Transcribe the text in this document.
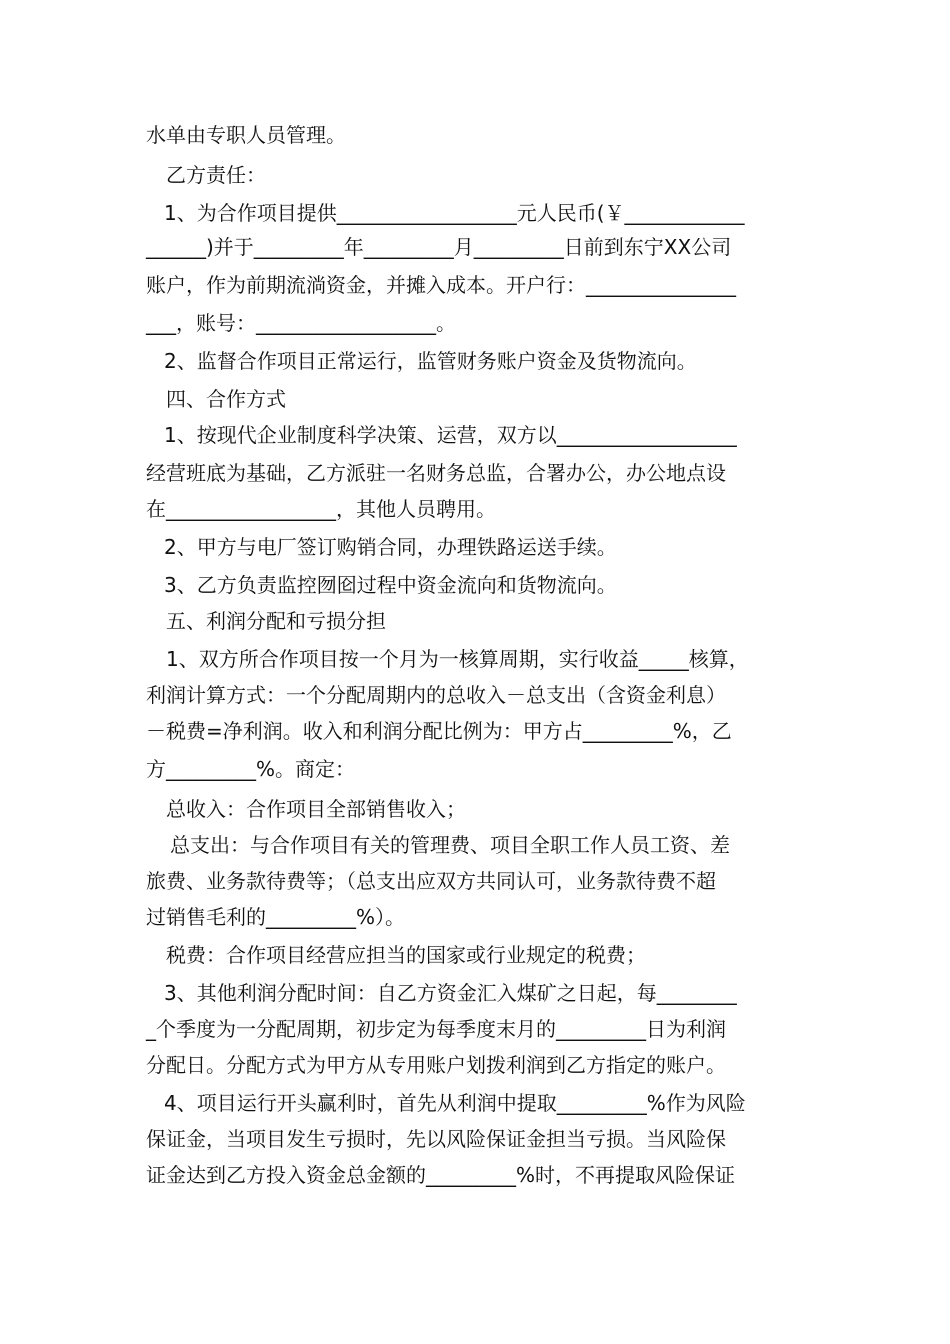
水单由专职人员管理。
乙方责任：
1、为合作项目提供__________________元人民币(￥____________
______)并于_________年_________月_________日前到东宁XX公司
账户，作为前期流淌资金，并摊入成本。开户行：_______________
___，账号：__________________。
2、监督合作项目正常运行，监管财务账户资金及货物流向。
四、合作方式
1、按现代企业制度科学决策、运营，双方以__________________
经营班底为基础，乙方派驻一名财务总监，合署办公，办公地点设
在_________________，其他人员聘用。
2、甲方与电厂签订购销合同，办理铁路运送手续。
3、乙方负责监控囫囵过程中资金流向和货物流向。
五、利润分配和亏损分担
1、双方所合作项目按一个月为一核算周期，实行收益_____核算，
利润计算方式：一个分配周期内的总收入－总支出（含资金利息）
－税费=净利润。收入和利润分配比例为：甲方占_________%，乙
方_________%。商定：
总收入：合作项目全部销售收入；
总支出：与合作项目有关的管理费、项目全职工作人员工资、差
旅费、业务款待费等；（总支出应双方共同认可，业务款待费不超
过销售毛利的_________%）。
税费：合作项目经营应担当的国家或行业规定的税费；
3、其他利润分配时间：自乙方资金汇入煤矿之日起，每________
_个季度为一分配周期，初步定为每季度末月的_________日为利润
分配日。分配方式为甲方从专用账户划拨利润到乙方指定的账户。
4、项目运行开头赢利时，首先从利润中提取_________%作为风险
保证金，当项目发生亏损时，先以风险保证金担当亏损。当风险保
证金达到乙方投入资金总金额的_________%时，不再提取风险保证
